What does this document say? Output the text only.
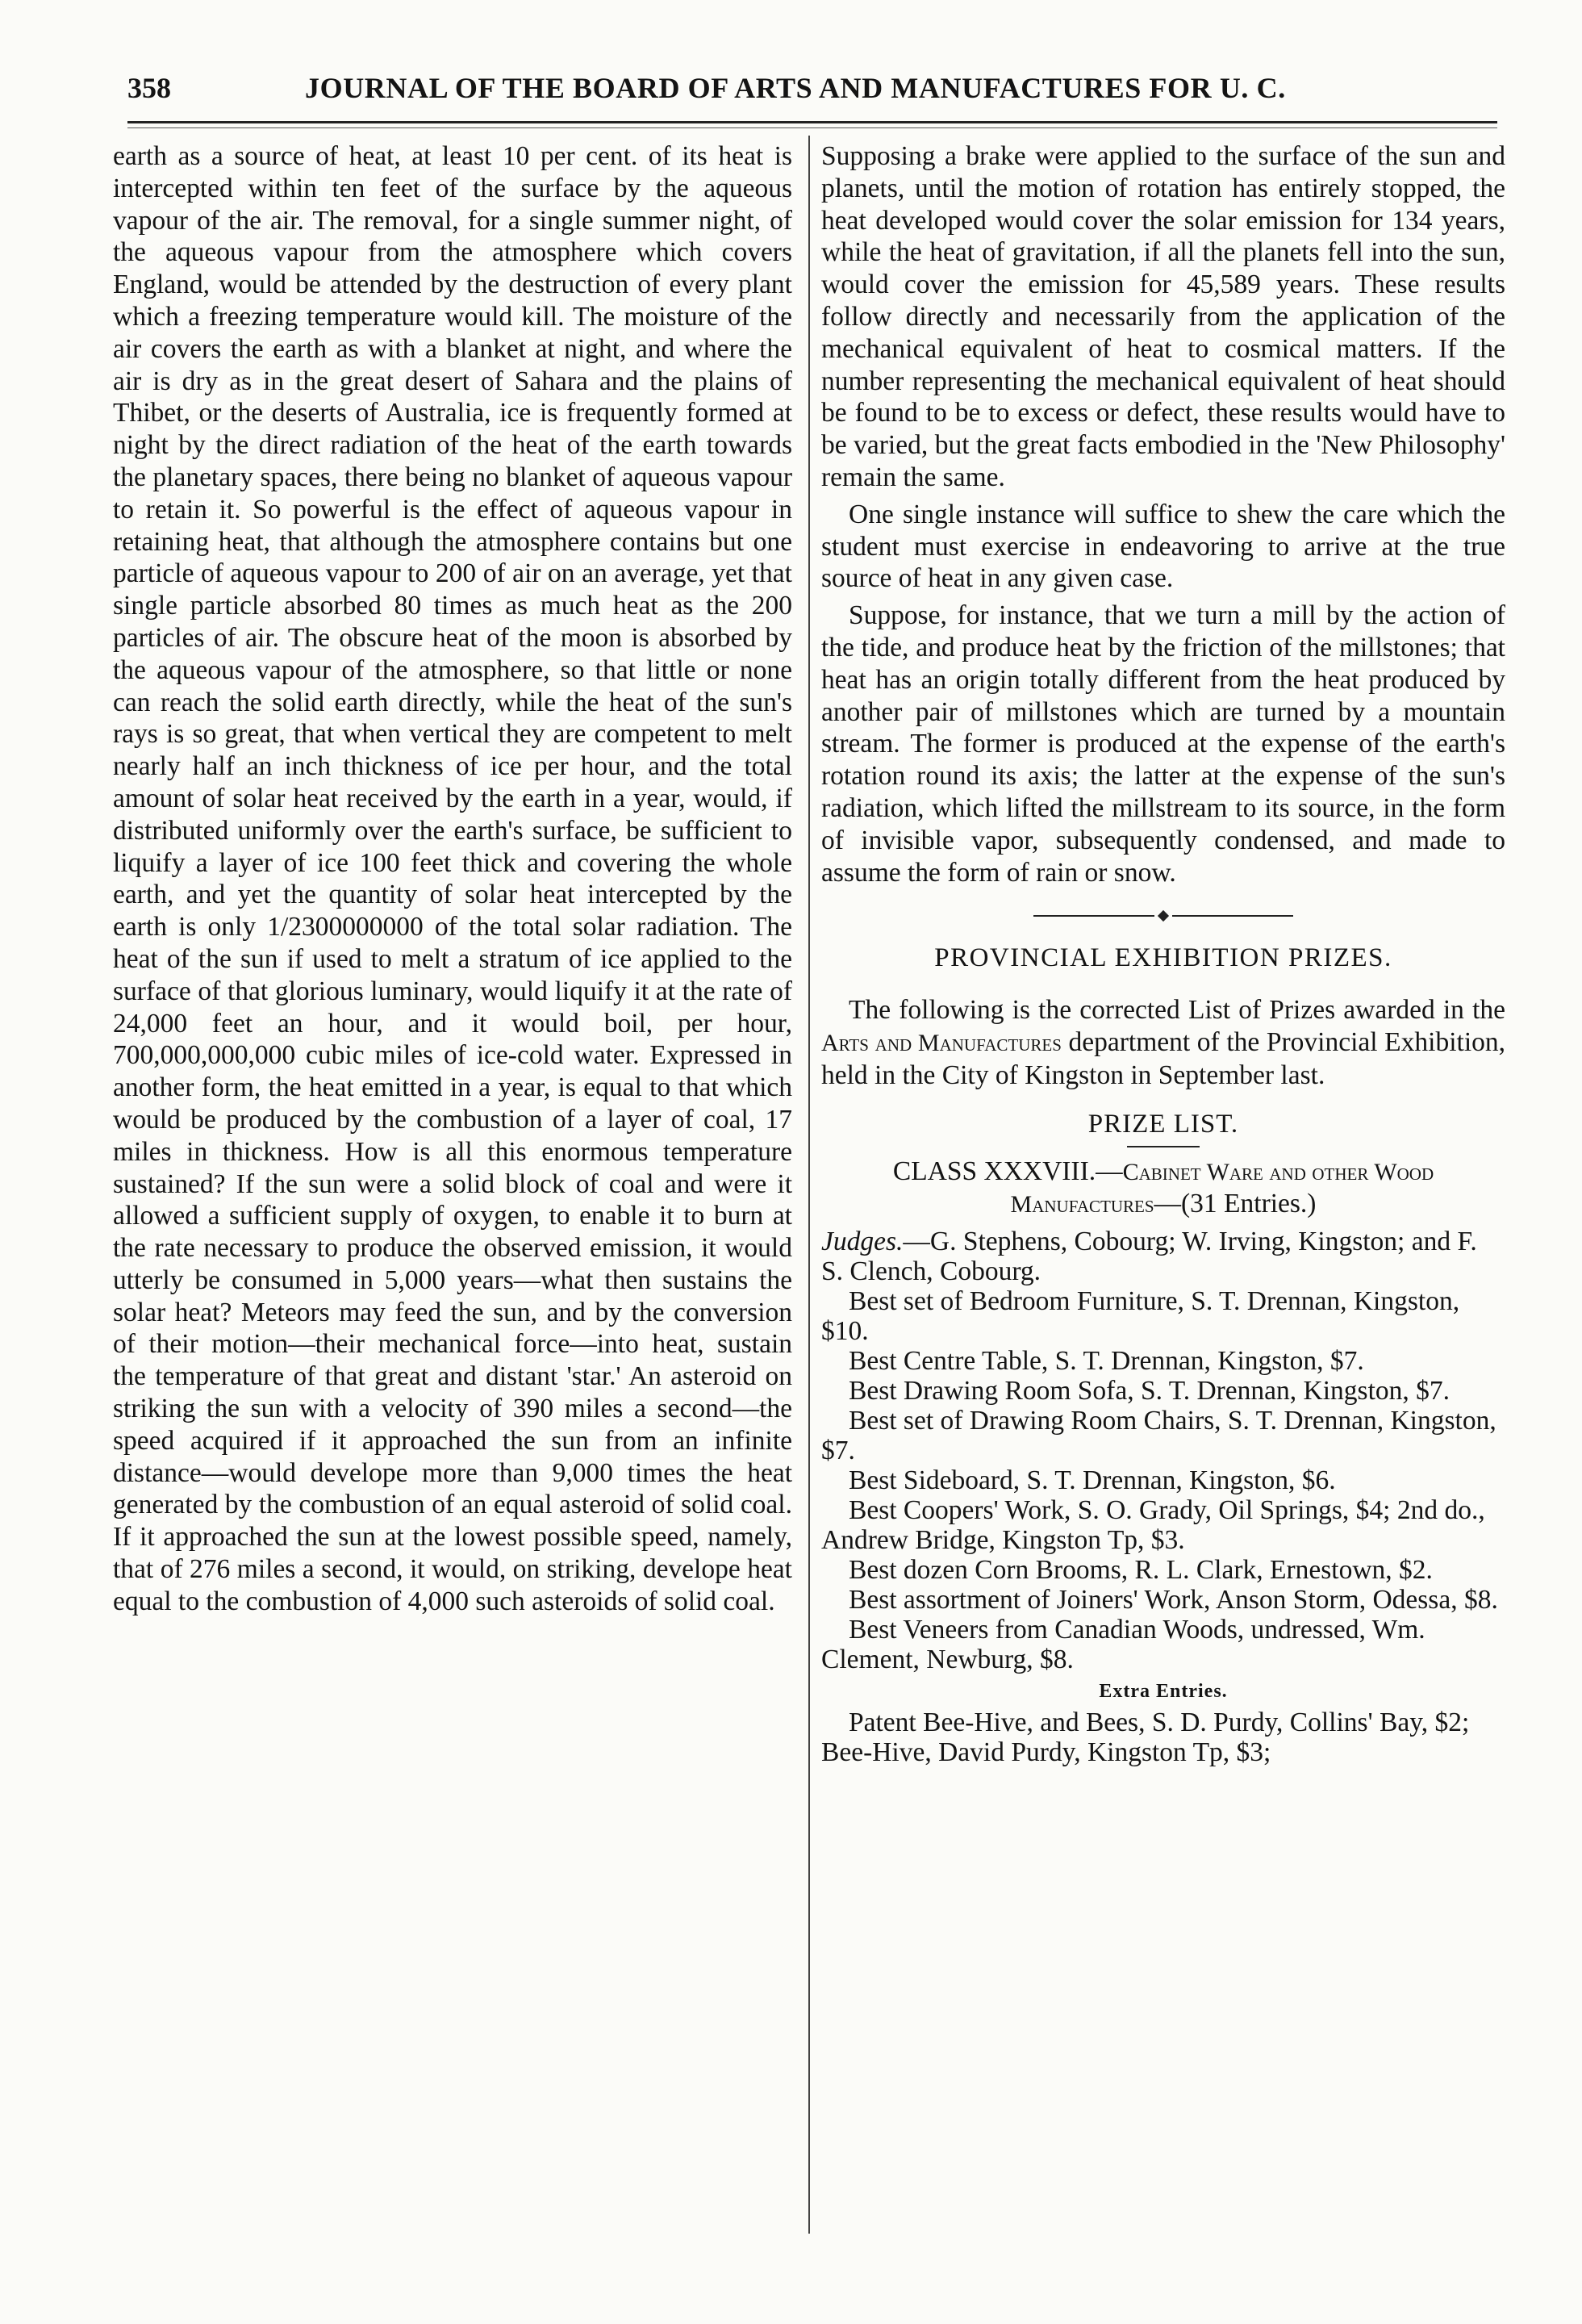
358	JOURNAL OF THE BOARD OF ARTS AND MANUFACTURES FOR U. C.

earth as a source of heat, at least 10 per cent. of its heat is intercepted within ten feet of the surface by the aqueous vapour of the air. The removal, for a single summer night, of the aqueous vapour from the atmosphere which covers England, would be attended by the destruction of every plant which a freezing temperature would kill. The moisture of the air covers the earth as with a blanket at night, and where the air is dry as in the great desert of Sahara and the plains of Thibet, or the deserts of Australia, ice is frequently formed at night by the direct radiation of the heat of the earth towards the planetary spaces, there being no blanket of aqueous vapour to retain it. So powerful is the effect of aqueous vapour in retaining heat, that although the atmosphere contains but one particle of aqueous vapour to 200 of air on an average, yet that single particle absorbed 80 times as much heat as the 200 particles of air. The obscure heat of the moon is absorbed by the aqueous vapour of the atmosphere, so that little or none can reach the solid earth directly, while the heat of the sun's rays is so great, that when vertical they are competent to melt nearly half an inch thickness of ice per hour, and the total amount of solar heat received by the earth in a year, would, if distributed uniformly over the earth's surface, be sufficient to liquify a layer of ice 100 feet thick and covering the whole earth, and yet the quantity of solar heat intercepted by the earth is only 1/2300000000 of the total solar radiation. The heat of the sun if used to melt a stratum of ice applied to the surface of that glorious luminary, would liquify it at the rate of 24,000 feet an hour, and it would boil, per hour, 700,000,000,000 cubic miles of ice-cold water. Expressed in another form, the heat emitted in a year, is equal to that which would be produced by the combustion of a layer of coal, 17 miles in thickness. How is all this enormous temperature sustained? If the sun were a solid block of coal and were it allowed a sufficient supply of oxygen, to enable it to burn at the rate necessary to produce the observed emission, it would utterly be consumed in 5,000 years—what then sustains the solar heat? Meteors may feed the sun, and by the conversion of their motion—their mechanical force—into heat, sustain the temperature of that great and distant 'star.' An asteroid on striking the sun with a velocity of 390 miles a second—the speed acquired if it approached the sun from an infinite distance—would develope more than 9,000 times the heat generated by the combustion of an equal asteroid of solid coal. If it approached the sun at the lowest possible speed, namely, that of 276 miles a second, it would, on striking, develope heat equal to the combustion of 4,000 such asteroids of solid coal.

Supposing a brake were applied to the surface of the sun and planets, until the motion of rotation has entirely stopped, the heat developed would cover the solar emission for 134 years, while the heat of gravitation, if all the planets fell into the sun, would cover the emission for 45,589 years. These results follow directly and necessarily from the application of the mechanical equivalent of heat to cosmical matters. If the number representing the mechanical equivalent of heat should be found to be to excess or defect, these results would have to be varied, but the great facts embodied in the 'New Philosophy' remain the same.

One single instance will suffice to shew the care which the student must exercise in endeavoring to arrive at the true source of heat in any given case.

Suppose, for instance, that we turn a mill by the action of the tide, and produce heat by the friction of the millstones; that heat has an origin totally different from the heat produced by another pair of millstones which are turned by a mountain stream. The former is produced at the expense of the earth's rotation round its axis; the latter at the expense of the sun's radiation, which lifted the millstream to its source, in the form of invisible vapor, subsequently condensed, and made to assume the form of rain or snow.

PROVINCIAL EXHIBITION PRIZES.

The following is the corrected List of Prizes awarded in the Arts and Manufactures department of the Provincial Exhibition, held in the City of Kingston in September last.

PRIZE LIST.

CLASS XXXVIII.—Cabinet Ware and other Wood Manufactures—(31 Entries.)

Judges.—G. Stephens, Cobourg; W. Irving, Kingston; and F. S. Clench, Cobourg.

Best set of Bedroom Furniture, S. T. Drennan, Kingston, $10.

Best Centre Table, S. T. Drennan, Kingston, $7.

Best Drawing Room Sofa, S. T. Drennan, Kingston, $7.

Best set of Drawing Room Chairs, S. T. Drennan, Kingston, $7.

Best Sideboard, S. T. Drennan, Kingston, $6.

Best Coopers' Work, S. O. Grady, Oil Springs, $4; 2nd do., Andrew Bridge, Kingston Tp, $3.

Best dozen Corn Brooms, R. L. Clark, Ernestown, $2.

Best assortment of Joiners' Work, Anson Storm, Odessa, $8.

Best Veneers from Canadian Woods, undressed, Wm. Clement, Newburg, $8.

Extra Entries.

Patent Bee-Hive, and Bees, S. D. Purdy, Collins' Bay, $2; Bee-Hive, David Purdy, Kingston Tp, $3;
